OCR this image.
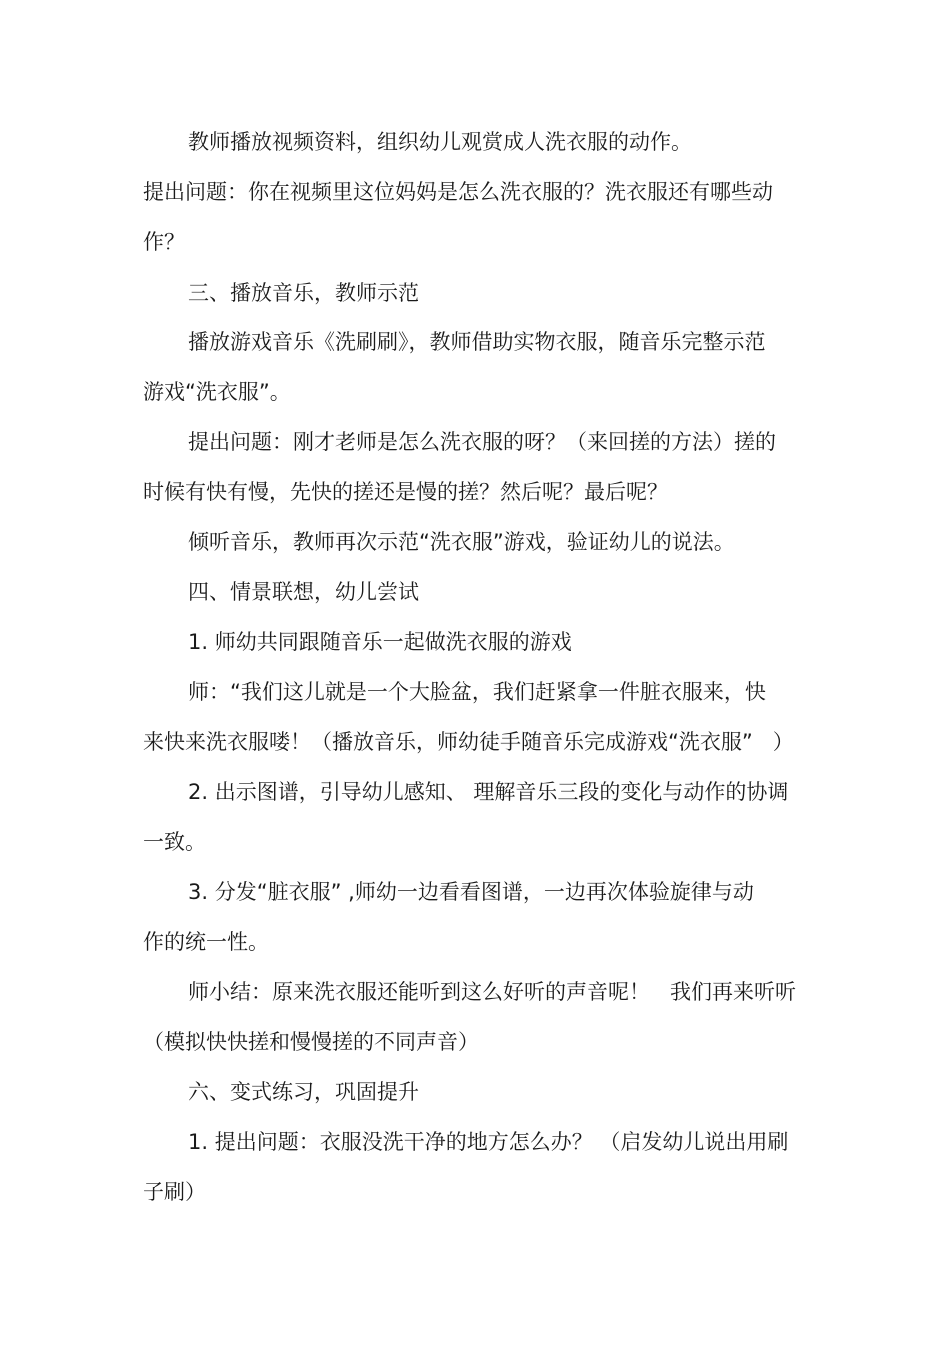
教师播放视频资料，组织幼儿观赏成人洗衣服的动作。
提出问题：你在视频里这位妈妈是怎么洗衣服的？洗衣服还有哪些动
作？
三、播放音乐，教师示范
播放游戏音乐《洗刷刷》，教师借助实物衣服，随音乐完整示范
游戏“洗衣服”。
提出问题：刚才老师是怎么洗衣服的呀？（来回搓的方法）搓的
时候有快有慢，先快的搓还是慢的搓？然后呢？最后呢？
倾听音乐，教师再次示范“洗衣服”游戏，验证幼儿的说法。
四、情景联想，幼儿尝试
1. 师幼共同跟随音乐一起做洗衣服的游戏
师：“我们这儿就是一个大脸盆，我们赶紧拿一件脏衣服来，快
来快来洗衣服喽！（播放音乐，师幼徒手随音乐完成游戏“洗衣服”   ）
2. 出示图谱，引导幼儿感知、 理解音乐三段的变化与动作的协调
一致。
3. 分发“脏衣服” ,师幼一边看看图谱，一边再次体验旋律与动
作的统一性。
师小结：原来洗衣服还能听到这么好听的声音呢！   我们再来听听
（模拟快快搓和慢慢搓的不同声音）
六、变式练习，巩固提升
1. 提出问题：衣服没洗干净的地方怎么办？ （启发幼儿说出用刷
子刷）
